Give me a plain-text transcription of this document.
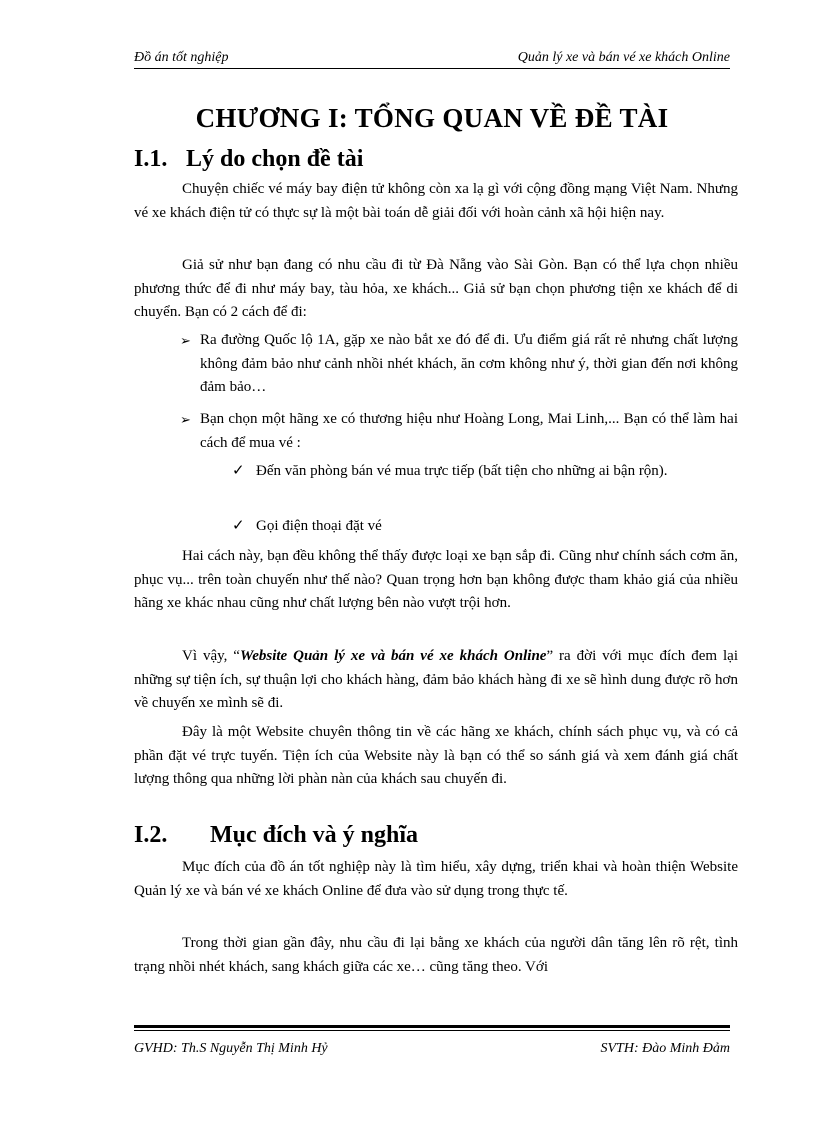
Đồ án tốt nghiệp	Quản lý xe và bán vé xe khách Online
CHƯƠNG I: TỔNG QUAN VỀ ĐỀ TÀI
I.1. Lý do chọn đề tài
Chuyện chiếc vé máy bay điện tử không còn xa lạ gì với cộng đồng mạng Việt Nam. Nhưng vé xe khách điện tử có thực sự là một bài toán dễ giải đối với hoàn cảnh xã hội hiện nay.
Giả sử như bạn đang có nhu cầu đi từ Đà Nẵng vào Sài Gòn. Bạn có thể lựa chọn nhiều phương thức để đi như máy bay, tàu hỏa, xe khách... Giả sử bạn chọn phương tiện xe khách để di chuyển. Bạn có 2 cách để đi:
➢ Ra đường Quốc lộ 1A, gặp xe nào bắt xe đó để đi. Ưu điểm giá rất rẻ nhưng chất lượng không đảm bảo như cảnh nhồi nhét khách, ăn cơm không như ý, thời gian đến nơi không đảm bảo…
➢ Bạn chọn một hãng xe có thương hiệu như Hoàng Long, Mai Linh,... Bạn có thể làm hai cách để mua vé :
✓ Đến văn phòng bán vé mua trực tiếp (bất tiện cho những ai bận rộn).
✓ Gọi điện thoại đặt vé
Hai cách này, bạn đều không thể thấy được loại xe bạn sắp đi. Cũng như chính sách cơm ăn, phục vụ... trên toàn chuyến như thế nào? Quan trọng hơn bạn không được tham khảo giá của nhiều hãng xe khác nhau cũng như chất lượng bên nào vượt trội hơn.
Vì vậy, “Website Quản lý xe và bán vé xe khách Online” ra đời với mục đích đem lại những sự tiện ích, sự thuận lợi cho khách hàng, đảm bảo khách hàng đi xe sẽ hình dung được rõ hơn về chuyến xe mình sẽ đi.
Đây là một Website chuyên thông tin về các hãng xe khách, chính sách phục vụ, và có cả phần đặt vé trực tuyến. Tiện ích của Website này là bạn có thể so sánh giá và xem đánh giá chất lượng thông qua những lời phàn nàn của khách sau chuyến đi.
I.2. Mục đích và ý nghĩa
Mục đích của đồ án tốt nghiệp này là tìm hiểu, xây dựng, triển khai và hoàn thiện Website Quản lý xe và bán vé xe khách Online để đưa vào sử dụng trong thực tế.
Trong thời gian gần đây, nhu cầu đi lại bằng xe khách của người dân tăng lên rõ rệt, tình trạng nhồi nhét khách, sang khách giữa các xe… cũng tăng theo. Với
GVHD: Th.S Nguyễn Thị Minh Hỷ	SVTH: Đào Minh Đảm
